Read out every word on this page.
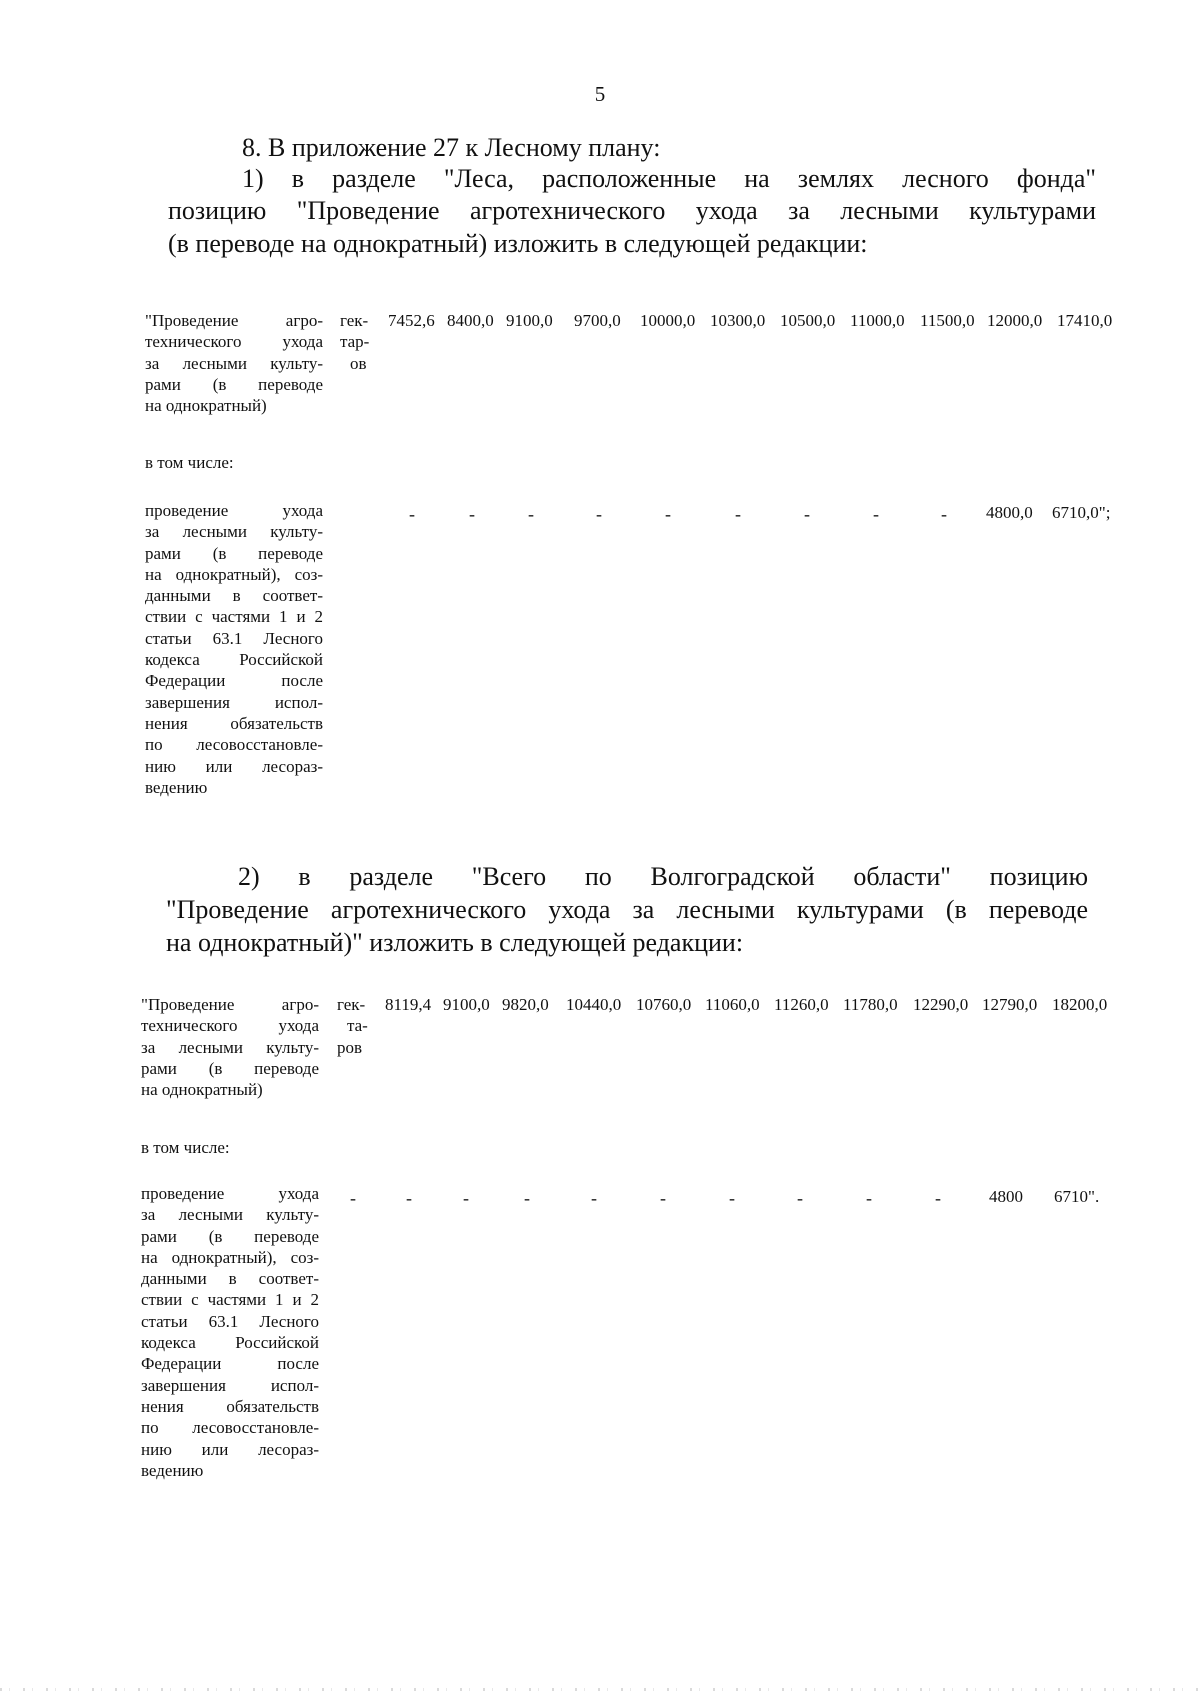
5
8. В приложение 27 к Лесному плану:
1) в разделе "Леса, расположенные на землях лесного фонда"
позицию "Проведение агротехнического ухода за лесными культурами
(в переводе на однократный) изложить в следующей редакции:
"Проведение агро-
технического ухода
за лесными культу-
рами (в переводе
на однократный)
гек-
тар-
ов
7452,6 8400,0 9100,0 9700,0 10000,0 10300,0 10500,0 11000,0 11500,0 12000,0 17410,0
в том числе:
проведение ухода
за лесными культу-
рами (в переводе
на однократный), соз-
данными в соответ-
ствии с частями 1 и 2
статьи 63.1 Лесного
кодекса Российской
Федерации после
завершения испол-
нения обязательств
по лесовосстановле-
нию или лесораз-
ведению
-	-	-	-	-	-	-	-	- 4800,0 6710,0";
2) в разделе "Всего по Волгоградской области" позицию
"Проведение агротехнического ухода за лесными культурами (в переводе
на однократный)" изложить в следующей редакции:
"Проведение агро-
технического ухода
за лесными культу-
рами (в переводе
на однократный)
гек-
та-
ров
8119,4 9100,0 9820,0 10440,0 10760,0 11060,0 11260,0 11780,0 12290,0 12790,0 18200,0
в том числе:
проведение ухода
за лесными культу-
рами (в переводе
на однократный), соз-
данными в соответ-
ствии с частями 1 и 2
статьи 63.1 Лесного
кодекса Российской
Федерации после
завершения испол-
нения обязательств
по лесовосстановле-
нию или лесораз-
ведению
-	-	-	-	-	-	-	-	-	-	4800 6710".
